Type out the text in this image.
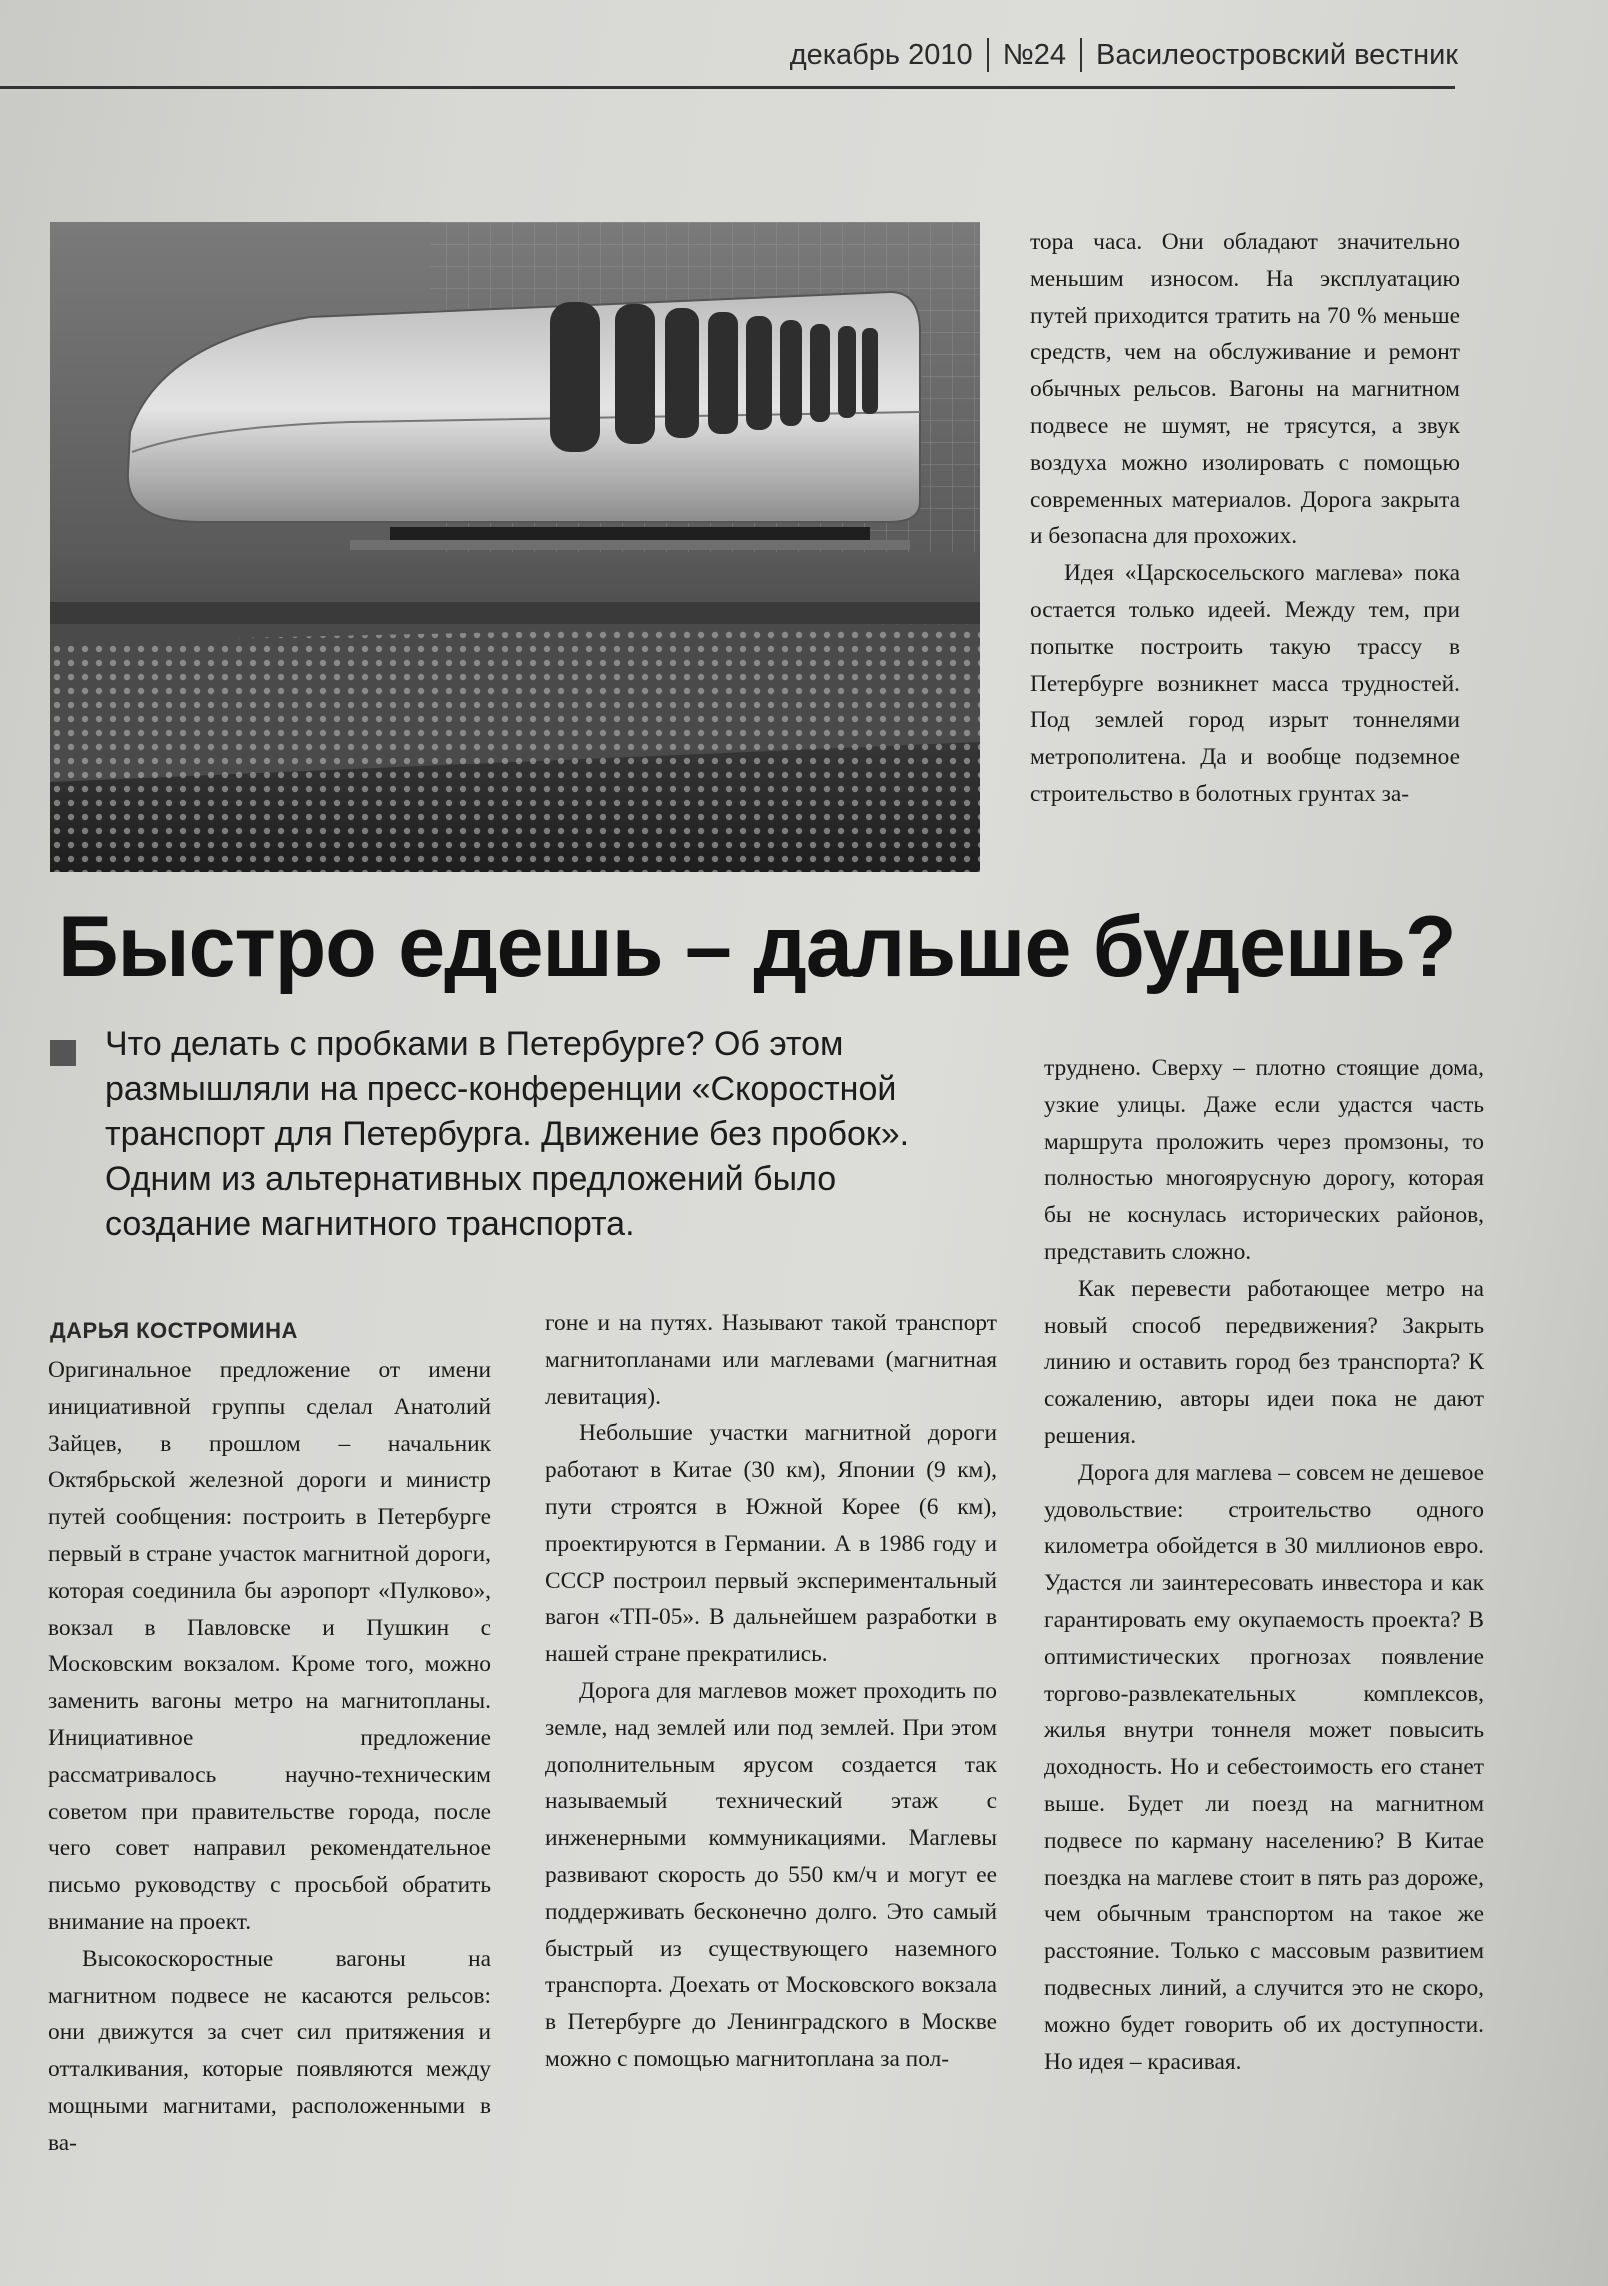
декабрь 2010 №24 Василеостровский вестник

тора часа. Они обладают значительно меньшим износом. На эксплуатацию путей приходится тратить на 70 % меньше средств, чем на обслуживание и ремонт обычных рельсов. Вагоны на магнитном подвесе не шумят, не трясутся, а звук воздуха можно изолировать с помощью современных материалов. Дорога закрыта и безопасна для прохожих.

Идея «Царскосельского маглева» пока остается только идеей. Между тем, при попытке построить такую трассу в Петербурге возникнет масса трудностей. Под землей город изрыт тоннелями метрополитена. Да и вообще подземное строительство в болотных грунтах за-

Быстро едешь – дальше будешь?
Что делать с пробками в Петербурге? Об этом размышляли на пресс-конференции «Скоростной транспорт для Петербурга. Движение без пробок». Одним из альтернативных предложений было создание магнитного транспорта.
ДАРЬЯ КОСТРОМИНА

Оригинальное предложение от имени инициативной группы сделал Анатолий Зайцев, в прошлом – начальник Октябрьской железной дороги и министр путей сообщения: построить в Петербурге первый в стране участок магнитной дороги, которая соединила бы аэропорт «Пулково», вокзал в Павловске и Пушкин с Московским вокзалом. Кроме того, можно заменить вагоны метро на магнитопланы. Инициативное предложение рассматривалось научно-техническим советом при правительстве города, после чего совет направил рекомендательное письмо руководству с просьбой обратить внимание на проект.

Высокоскоростные вагоны на магнитном подвесе не касаются рельсов: они движутся за счет сил притяжения и отталкивания, которые появляются между мощными магнитами, расположенными в ва-

гоне и на путях. Называют такой транспорт магнитопланами или маглевами (магнитная левитация).

Небольшие участки магнитной дороги работают в Китае (30 км), Японии (9 км), пути строятся в Южной Корее (6 км), проектируются в Германии. А в 1986 году и СССР построил первый экспериментальный вагон «ТП-05». В дальнейшем разработки в нашей стране прекратились.

Дорога для маглевов может проходить по земле, над землей или под землей. При этом дополнительным ярусом создается так называемый технический этаж с инженерными коммуникациями. Маглевы развивают скорость до 550 км/ч и могут ее поддерживать бесконечно долго. Это самый быстрый из существующего наземного транспорта. Доехать от Московского вокзала в Петербурге до Ленинградского в Москве можно с помощью магнитоплана за пол-

труднено. Сверху – плотно стоящие дома, узкие улицы. Даже если удастся часть маршрута проложить через промзоны, то полностью многоярусную дорогу, которая бы не коснулась исторических районов, представить сложно.

Как перевести работающее метро на новый способ передвижения? Закрыть линию и оставить город без транспорта? К сожалению, авторы идеи пока не дают решения.

Дорога для маглева – совсем не дешевое удовольствие: строительство одного километра обойдется в 30 миллионов евро. Удастся ли заинтересовать инвестора и как гарантировать ему окупаемость проекта? В оптимистических прогнозах появление торгово-развлекательных комплексов, жилья внутри тоннеля может повысить доходность. Но и себестоимость его станет выше. Будет ли поезд на магнитном подвесе по карману населению? В Китае поездка на маглеве стоит в пять раз дороже, чем обычным транспортом на такое же расстояние. Только с массовым развитием подвесных линий, а случится это не скоро, можно будет говорить об их доступности. Но идея – красивая.
